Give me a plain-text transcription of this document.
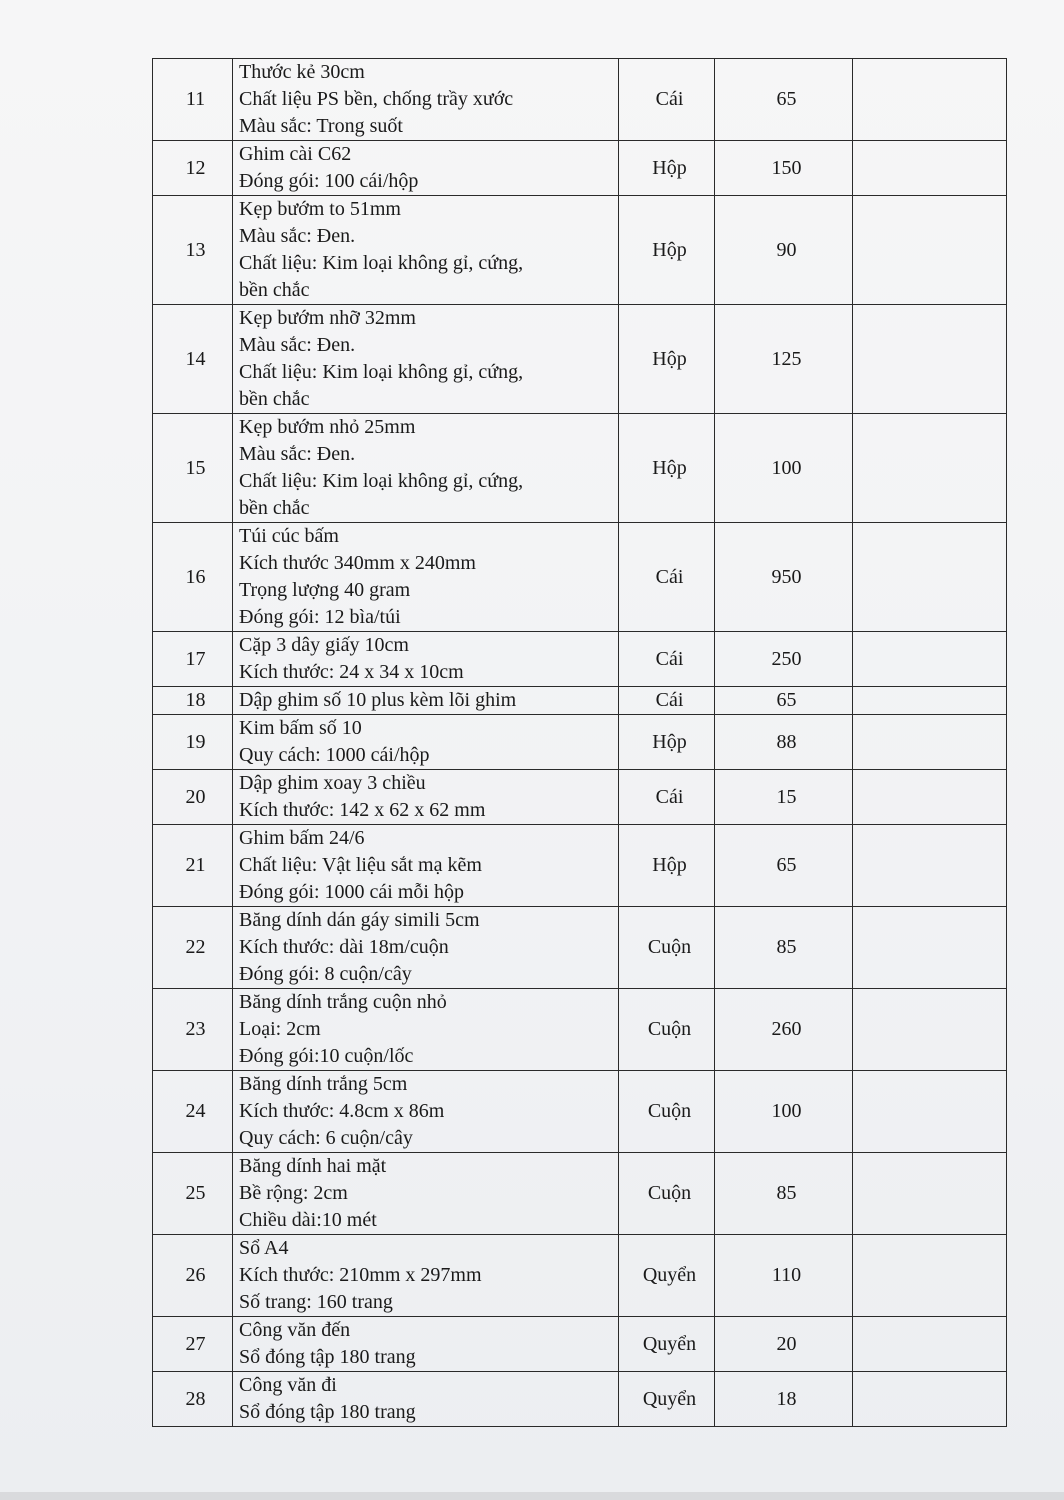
11	Thước kẻ 30cm
Chất liệu PS bền, chống trầy xước
Màu sắc: Trong suốt	Cái	65	
12	Ghim cài C62
Đóng gói: 100 cái/hộp	Hộp	150	
13	Kẹp bướm to 51mm
Màu sắc: Đen.
Chất liệu: Kim loại không gỉ, cứng,
bền chắc	Hộp	90	
14	Kẹp bướm nhỡ 32mm
Màu sắc: Đen.
Chất liệu: Kim loại không gỉ, cứng,
bền chắc	Hộp	125	
15	Kẹp bướm nhỏ 25mm
Màu sắc: Đen.
Chất liệu: Kim loại không gỉ, cứng,
bền chắc	Hộp	100	
16	Túi cúc bấm
Kích thước 340mm x 240mm
Trọng lượng 40 gram
Đóng gói: 12 bìa/túi	Cái	950	
17	Cặp 3 dây giấy 10cm
Kích thước: 24 x 34 x 10cm	Cái	250	
18	Dập ghim số 10 plus kèm lõi ghim	Cái	65	
19	Kim bấm số 10
Quy cách: 1000 cái/hộp	Hộp	88	
20	Dập ghim xoay 3 chiều
Kích thước: 142 x 62 x 62 mm	Cái	15	
21	Ghim bấm 24/6
Chất liệu: Vật liệu sắt mạ kẽm
Đóng gói: 1000 cái mỗi hộp	Hộp	65	
22	Băng dính dán gáy simili 5cm
Kích thước: dài 18m/cuộn
Đóng gói: 8 cuộn/cây	Cuộn	85	
23	Băng dính trắng cuộn nhỏ
Loại: 2cm
Đóng gói:10 cuộn/lốc	Cuộn	260	
24	Băng dính trắng 5cm
Kích thước: 4.8cm x 86m
Quy cách: 6 cuộn/cây	Cuộn	100	
25	Băng dính hai mặt
Bề rộng: 2cm
Chiều dài:10 mét	Cuộn	85	
26	Sổ A4
Kích thước: 210mm x 297mm
Số trang: 160 trang	Quyển	110	
27	Công văn đến
Sổ đóng tập 180 trang	Quyển	20	
28	Công văn đi
Sổ đóng tập 180 trang	Quyển	18	
